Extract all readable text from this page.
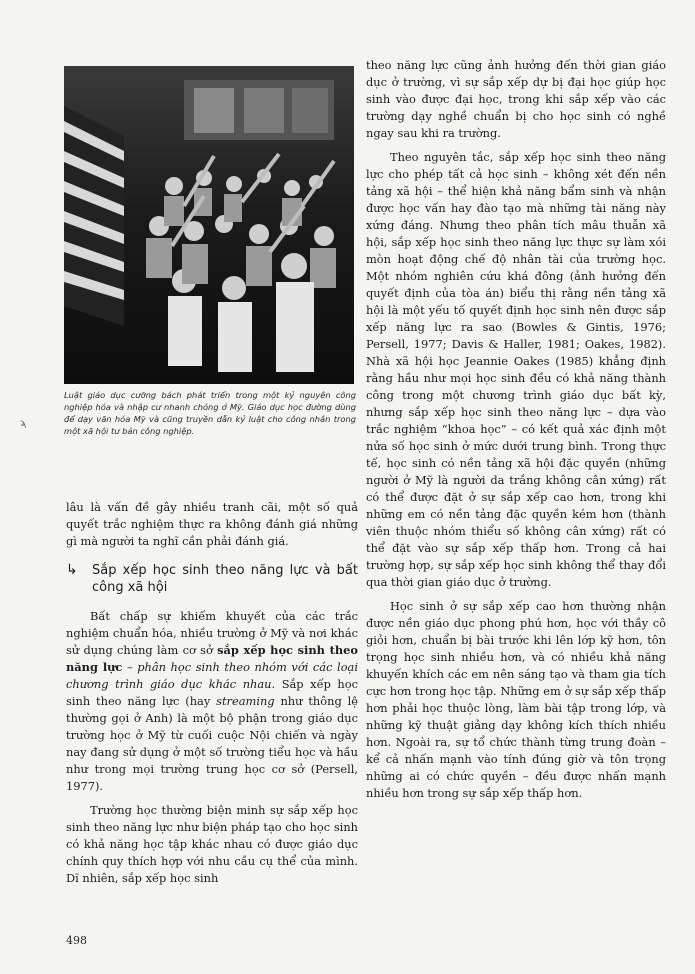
Luật giáo dục cưỡng bách phát triển trong một kỷ nguyên công nghiệp hóa và nhập cư nhanh chóng ở Mỹ. Giáo dục học đường dùng để dạy văn hóa Mỹ và cũng truyền dẫn kỷ luật cho công nhân trong một xã hội tư bản công nghiệp.
ϡ

lâu là vấn đề gây nhiều tranh cãi, một số quả quyết trắc nghiệm thực ra không đánh giá những gì mà người ta nghĩ cần phải đánh giá.

↳	Sắp xếp học sinh theo năng lực và bất công xã hội

Bất chấp sự khiếm khuyết của các trắc nghiệm chuẩn hóa, nhiều trường ở Mỹ và nơi khác sử dụng chúng làm cơ sở sắp xếp học sinh theo năng lực – phân học sinh theo nhóm với các loại chương trình giáo dục khác nhau. Sắp xếp học sinh theo năng lực (hay streaming như thông lệ thường gọi ở Anh) là một bộ phận trong giáo dục trường học ở Mỹ từ cuối cuộc Nội chiến và ngày nay đang sử dụng ở một số trường tiểu học và hầu như trong mọi trường trung học cơ sở (Persell, 1977).

Trường học thường biện minh sự sắp xếp học sinh theo năng lực như biện pháp tạo cho học sinh có khả năng học tập khác nhau có được giáo dục chính quy thích hợp với nhu cầu cụ thể của mình. Dĩ nhiên, sắp xếp học sinh

theo năng lực cũng ảnh hưởng đến thời gian giáo dục ở trường, vì sự sắp xếp dự bị đại học giúp học sinh vào được đại học, trong khi sắp xếp vào các trường dạy nghề chuẩn bị cho học sinh có nghề ngay sau khi ra trường.

Theo nguyên tắc, sắp xếp học sinh theo năng lực cho phép tất cả học sinh – không xét đến nền tảng xã hội – thể hiện khả năng bẩm sinh và nhận được học vấn hay đào tạo mà những tài năng này xứng đáng. Nhưng theo phân tích mâu thuẫn xã hội, sắp xếp học sinh theo năng lực thực sự làm xói mòn hoạt động chế độ nhân tài của trường học. Một nhóm nghiên cứu khá đông (ảnh hưởng đến quyết định của tòa án) biểu thị rằng nền tảng xã hội là một yếu tố quyết định học sinh nên được sắp xếp năng lực ra sao (Bowles & Gintis, 1976; Persell, 1977; Davis & Haller, 1981; Oakes, 1982). Nhà xã hội học Jeannie Oakes (1985) khẳng định rằng hầu như mọi học sinh đều có khả năng thành công trong một chương trình giáo dục bất kỳ, nhưng sắp xếp học sinh theo năng lực – dựa vào trắc nghiệm “khoa học” – có kết quả xác định một nửa số học sinh ở mức dưới trung bình. Trong thực tế, học sinh có nền tảng xã hội đặc quyền (những người ở Mỹ là người da trắng không cân xứng) rất có thể được đặt ở sự sắp xếp cao hơn, trong khi những em có nền tảng đặc quyền kém hơn (thành viên thuộc nhóm thiểu số không cân xứng) rất có thể đặt vào sự sắp xếp thấp hơn. Trong cả hai trường hợp, sự sắp xếp học sinh không thể thay đổi qua thời gian giáo dục ở trường.

Học sinh ở sự sắp xếp cao hơn thường nhận được nền giáo dục phong phú hơn, học với thầy cô giỏi hơn, chuẩn bị bài trước khi lên lớp kỹ hơn, tôn trọng học sinh nhiều hơn, và có nhiều khả năng khuyến khích các em nên sáng tạo và tham gia tích cực hơn trong học tập. Những em ở sự sắp xếp thấp hơn phải học thuộc lòng, làm bài tập trong lớp, và những kỹ thuật giảng dạy không kích thích nhiều hơn. Ngoài ra, sự tổ chức thành từng trung đoàn – kể cả nhấn mạnh vào tính đúng giờ và tôn trọng những ai có chức quyền – đều được nhấn mạnh nhiều hơn trong sự sắp xếp thấp hơn.

498
